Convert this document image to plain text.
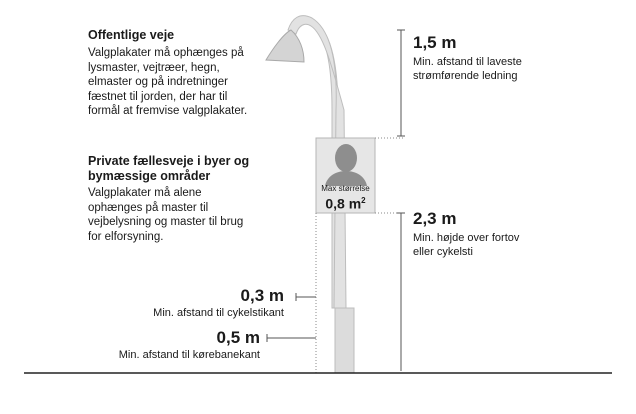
Max størrelse
0,8 $m^2$
Offentlige veje
Valgplakater må ophænges på
lysmaster, vejtræer, hegn,
elmaster og på indretninger
fæstnet til jorden, der har til
formål at fremvise valgplakater.
Private fællesveje i byer og
bymæssige områder
Valgplakater må alene
ophænges på master til
vejbelysning og master til brug
for elforsyning.
1,5 m
Min. afstand til laveste
strømførende ledning
2,3 m
Min. højde over fortov
eller cykelsti
0,3 m
Min. afstand til cykelstikant
0,5 m
Min. afstand til kørebanekant
